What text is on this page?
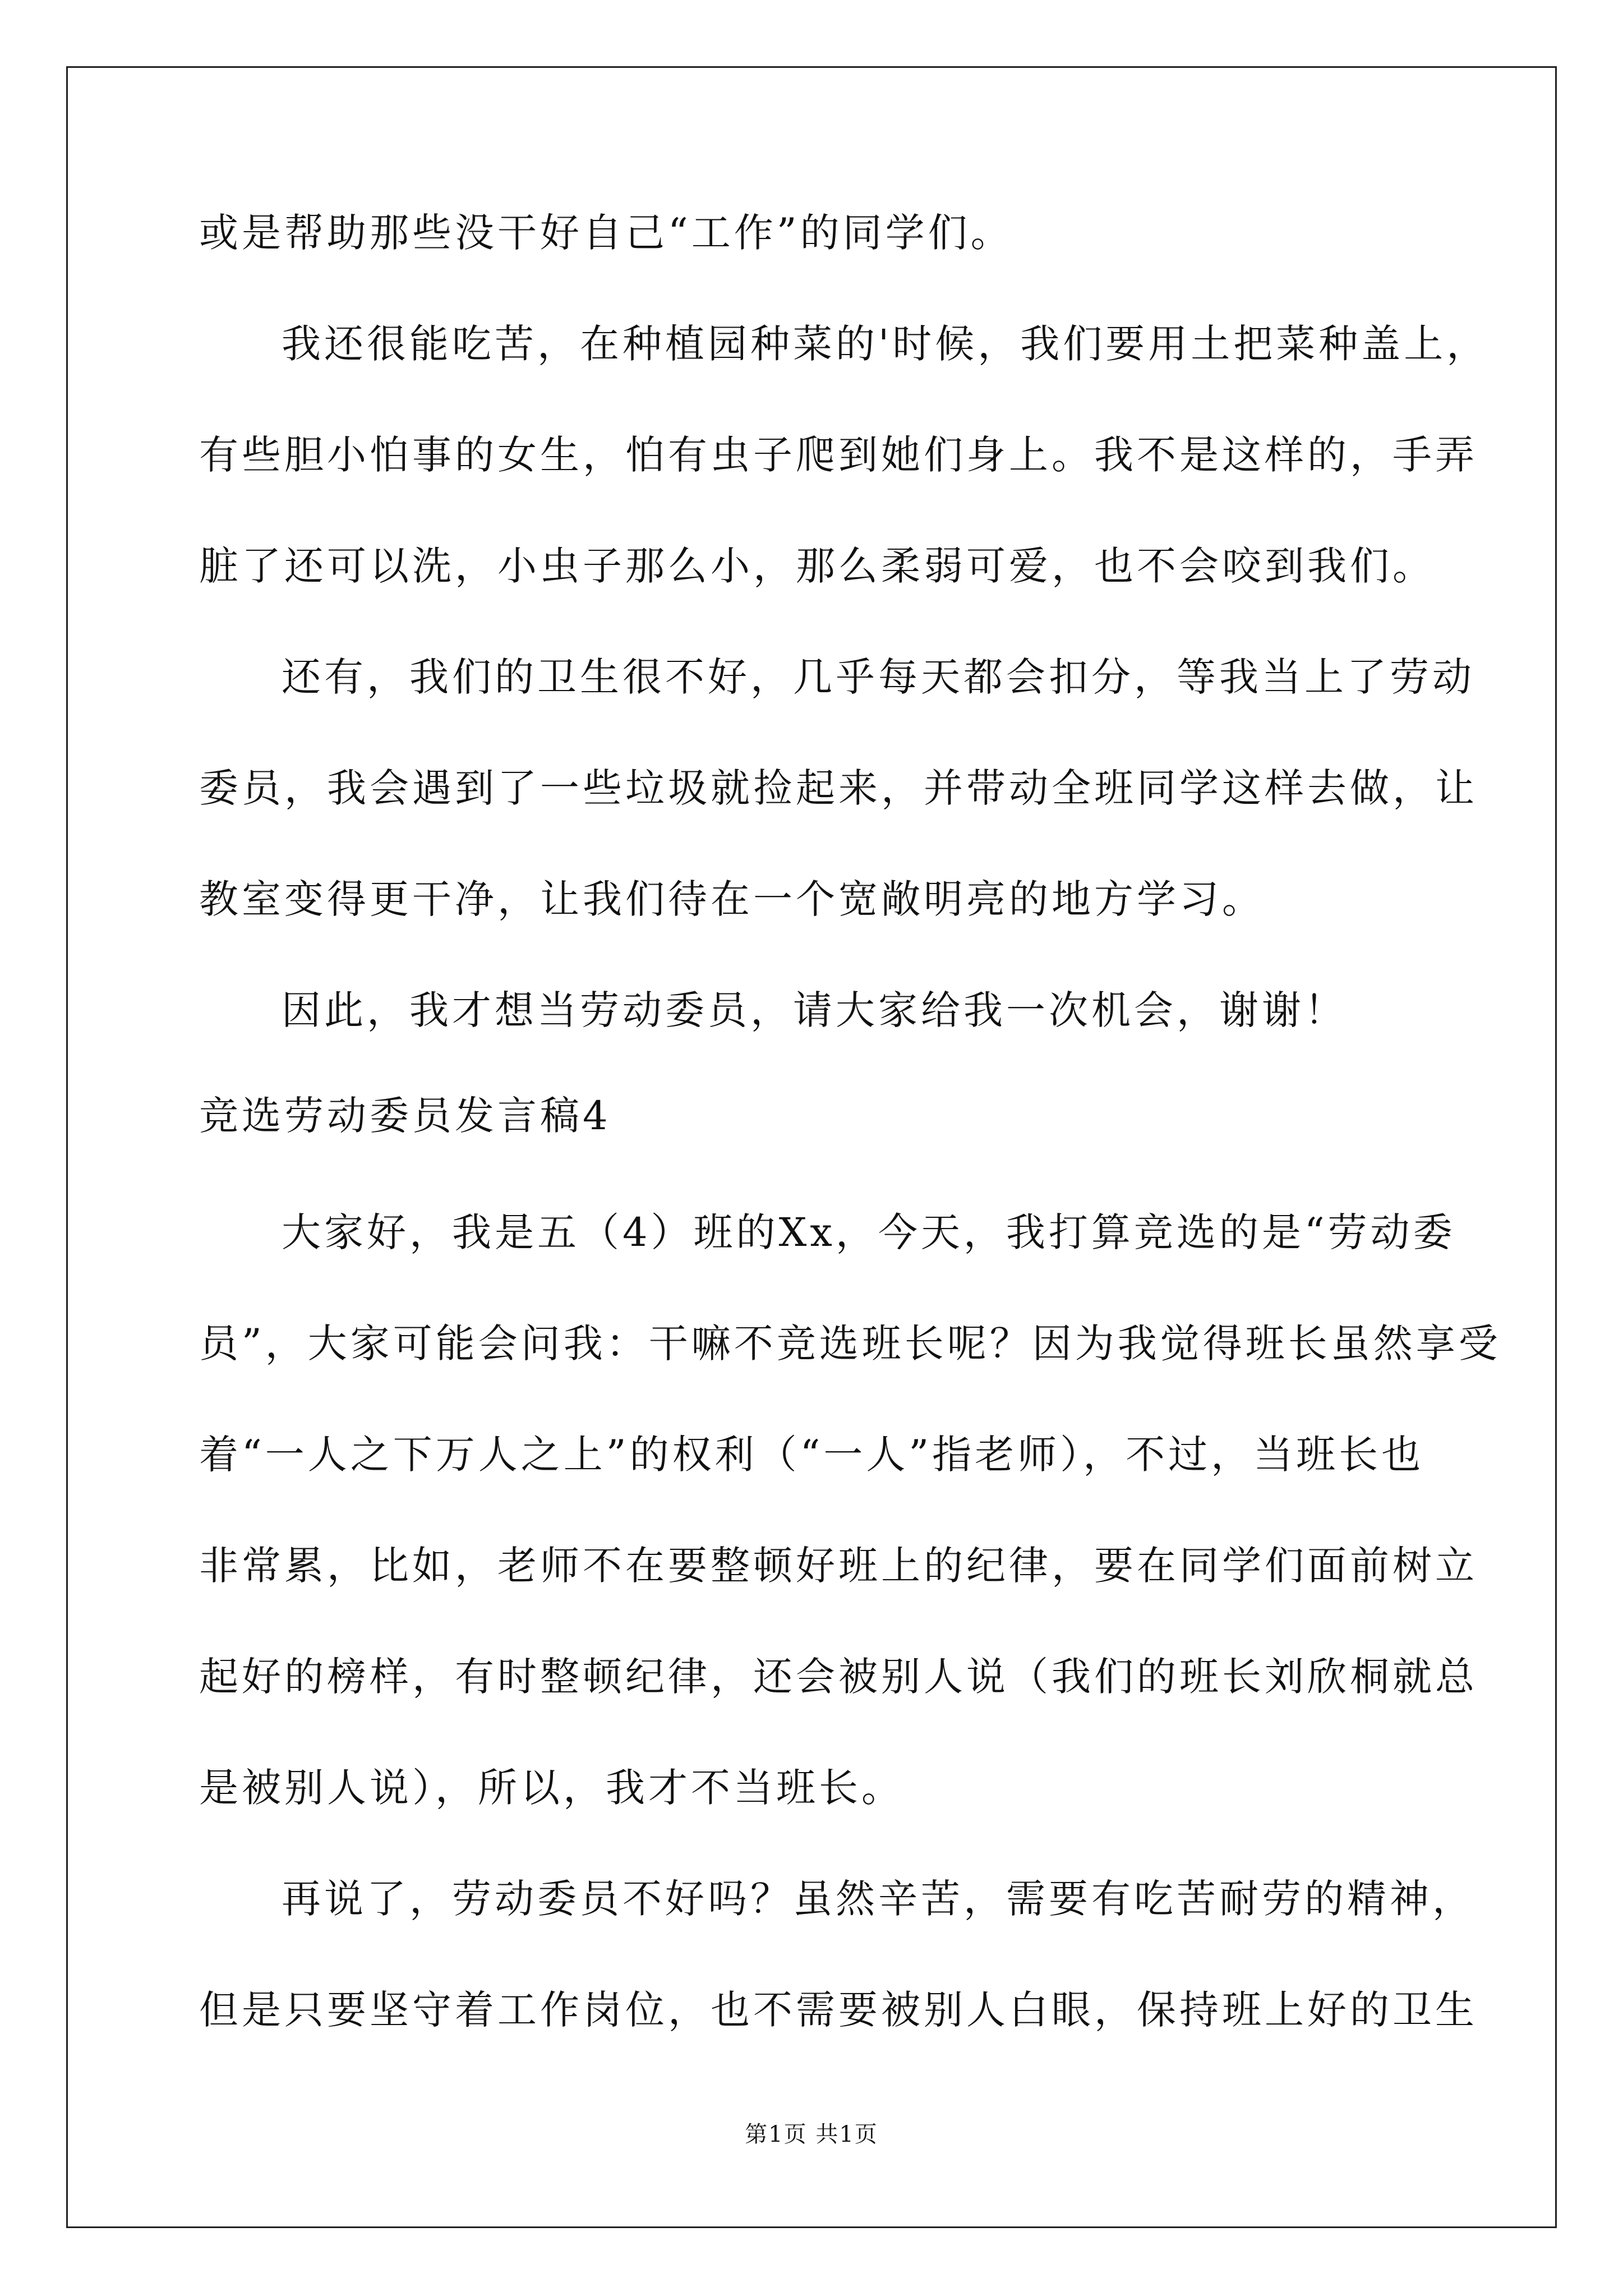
或是帮助那些没干好自己“工作”的同学们。
我还很能吃苦，在种植园种菜的'时候，我们要用土把菜种盖上，
有些胆小怕事的女生，怕有虫子爬到她们身上。我不是这样的，手弄
脏了还可以洗，小虫子那么小，那么柔弱可爱，也不会咬到我们。
还有，我们的卫生很不好，几乎每天都会扣分，等我当上了劳动
委员，我会遇到了一些垃圾就捡起来，并带动全班同学这样去做，让
教室变得更干净，让我们待在一个宽敞明亮的地方学习。
因此，我才想当劳动委员，请大家给我一次机会，谢谢！
竞选劳动委员发言稿4
大家好，我是五（4）班的Xx，今天，我打算竞选的是“劳动委
员”，大家可能会问我：干嘛不竞选班长呢？因为我觉得班长虽然享受
着“一人之下万人之上”的权利（“一人”指老师），不过，当班长也
非常累，比如，老师不在要整顿好班上的纪律，要在同学们面前树立
起好的榜样，有时整顿纪律，还会被别人说（我们的班长刘欣桐就总
是被别人说），所以，我才不当班长。
再说了，劳动委员不好吗？虽然辛苦，需要有吃苦耐劳的精神，
但是只要坚守着工作岗位，也不需要被别人白眼，保持班上好的卫生
第1页 共1页
